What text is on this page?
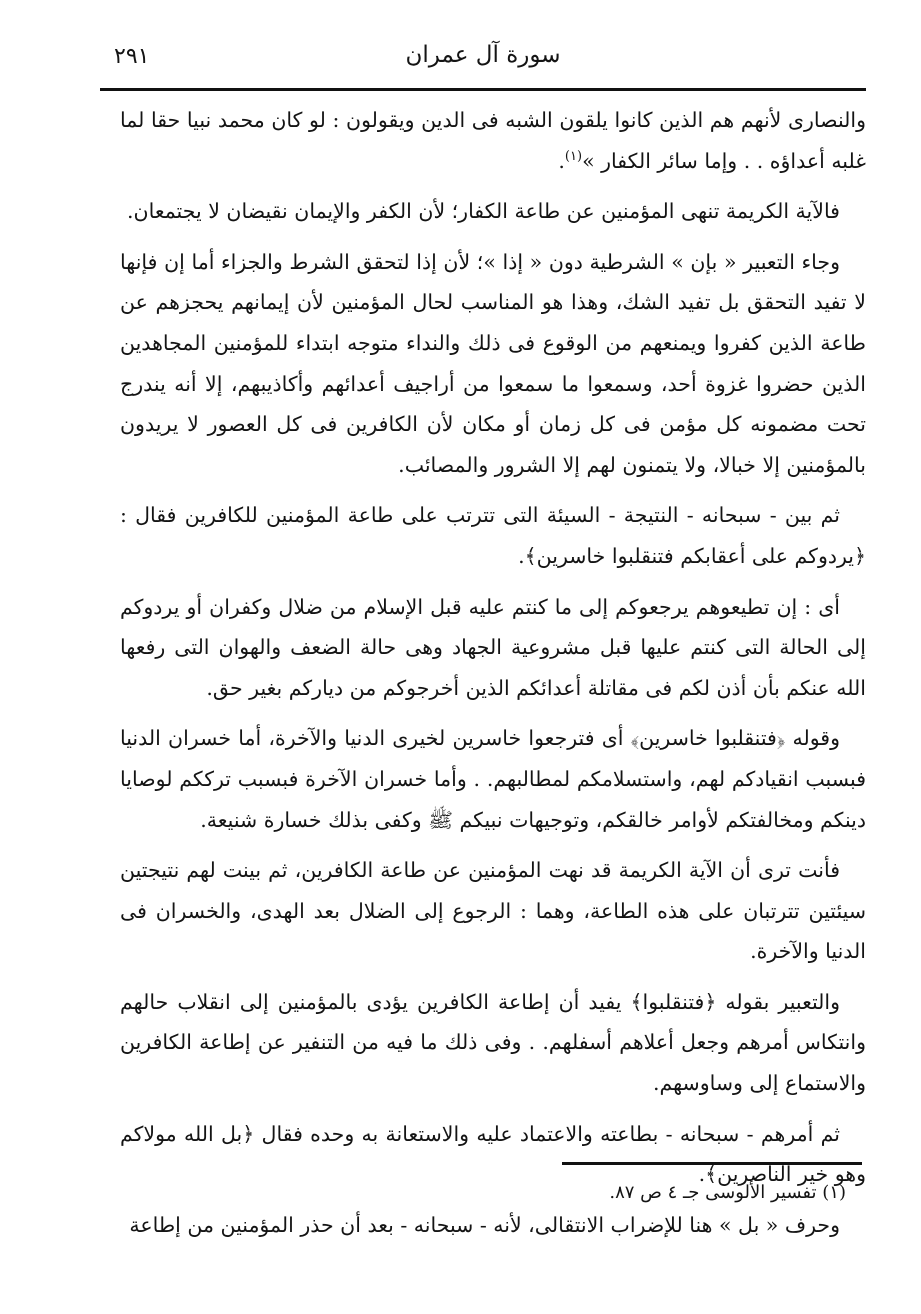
٢٩١	سورة آل عمران

والنصارى لأنهم هم الذين كانوا يلقون الشبه فى الدين ويقولون : لو كان محمد نبيا حقا لما غلبه أعداؤه . . وإما سائر الكفار »$^{(١)}$.

فالآية الكريمة تنهى المؤمنين عن طاعة الكفار؛ لأن الكفر والإيمان نقيضان لا يجتمعان.

وجاء التعبير « بإن » الشرطية دون « إذا »؛ لأن إذا لتحقق الشرط والجزاء أما إن فإنها لا تفيد التحقق بل تفيد الشك، وهذا هو المناسب لحال المؤمنين لأن إيمانهم يحجزهم عن طاعة الذين كفروا ويمنعهم من الوقوع فى ذلك والنداء متوجه ابتداء للمؤمنين المجاهدين الذين حضروا غزوة أحد، وسمعوا ما سمعوا من أراجيف أعدائهم وأكاذيبهم، إلا أنه يندرج تحت مضمونه كل مؤمن فى كل زمان أو مكان لأن الكافرين فى كل العصور لا يريدون بالمؤمنين إلا خبالا، ولا يتمنون لهم إلا الشرور والمصائب.

ثم بين - سبحانه - النتيجة - السيئة التى تترتب على طاعة المؤمنين للكافرين فقال : ﴿يردوكم على أعقابكم فتنقلبوا خاسرين﴾.

أى : إن تطيعوهم يرجعوكم إلى ما كنتم عليه قبل الإسلام من ضلال وكفران أو يردوكم إلى الحالة التى كنتم عليها قبل مشروعية الجهاد وهى حالة الضعف والهوان التى رفعها الله عنكم بأن أذن لكم فى مقاتلة أعدائكم الذين أخرجوكم من دياركم بغير حق.

وقوله ﴿فتنقلبوا خاسرين﴾ أى فترجعوا خاسرين لخيرى الدنيا والآخرة، أما خسران الدنيا فبسبب انقيادكم لهم، واستسلامكم لمطالبهم. . وأما خسران الآخرة فبسبب ترككم لوصايا دينكم ومخالفتكم لأوامر خالقكم، وتوجيهات نبيكم ﷺ وكفى بذلك خسارة شنيعة.

فأنت ترى أن الآية الكريمة قد نهت المؤمنين عن طاعة الكافرين، ثم بينت لهم نتيجتين سيئتين تترتبان على هذه الطاعة، وهما : الرجوع إلى الضلال بعد الهدى، والخسران فى الدنيا والآخرة.

والتعبير بقوله ﴿فتنقلبوا﴾ يفيد أن إطاعة الكافرين يؤدى بالمؤمنين إلى انقلاب حالهم وانتكاس أمرهم وجعل أعلاهم أسفلهم. . وفى ذلك ما فيه من التنفير عن إطاعة الكافرين والاستماع إلى وساوسهم.

ثم أمرهم - سبحانه - بطاعته والاعتماد عليه والاستعانة به وحده فقال ﴿بل الله مولاكم وهو خير الناصرين﴾.

وحرف « بل » هنا للإضراب الانتقالى، لأنه - سبحانه - بعد أن حذر المؤمنين من إطاعة

(١) تفسير الألوسى جـ ٤ ص ٨٧.
